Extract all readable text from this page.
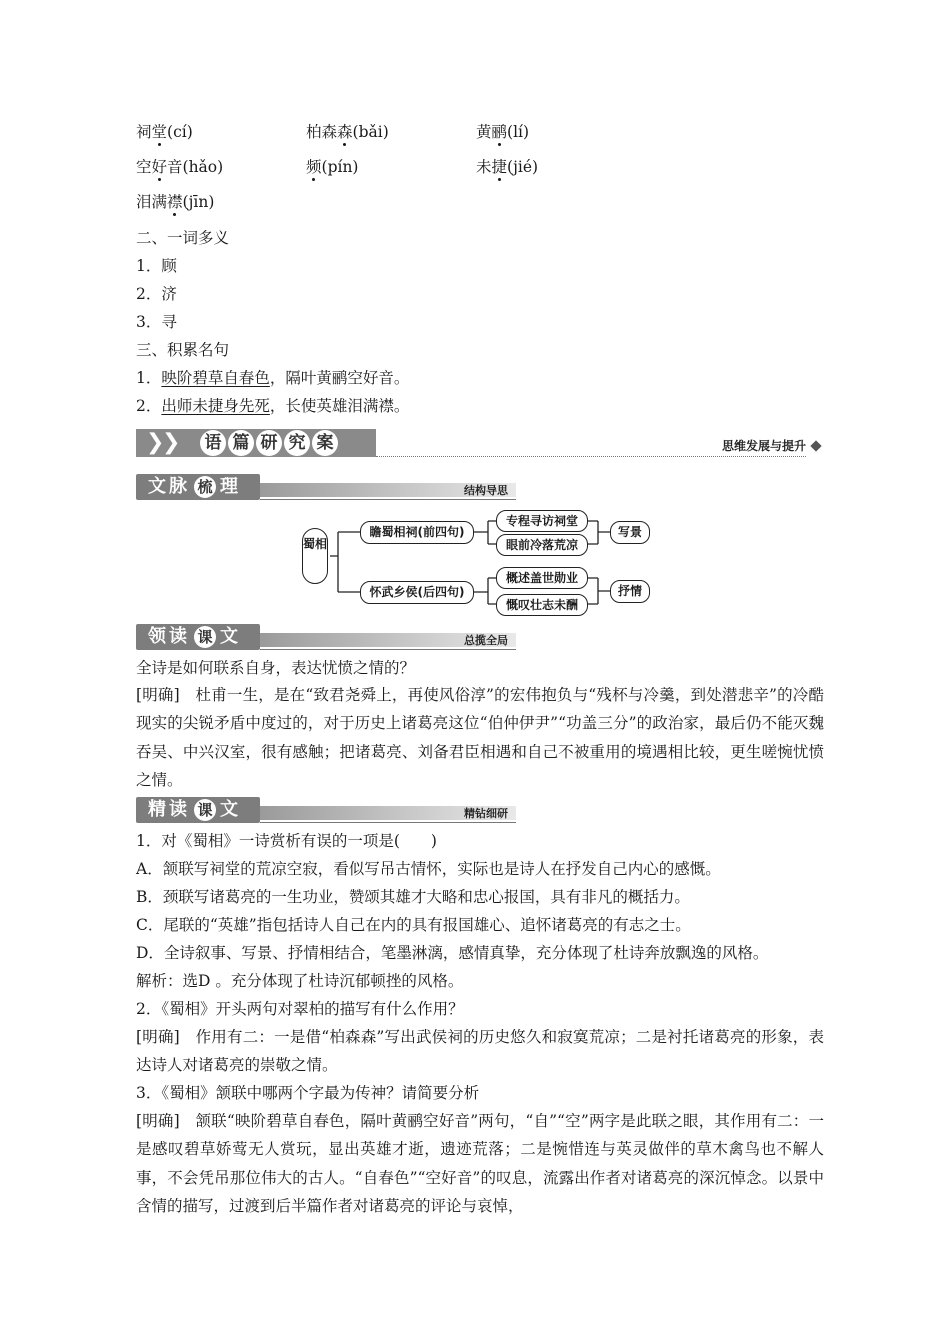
祠堂(cí)	柏森森(bǎi)	黄鹂(lí)
空好音(hǎo)	频(pín)	未捷(jié)
泪满襟(jīn)
二、一词多义
1．顾
2．济
3．寻
三、积累名句
1．映阶碧草自春色，隔叶黄鹂空好音。
2．出师未捷身先死，长使英雄泪满襟。
❯
❯ 语 篇 研 究 案	思维发展与提升
文脉 梳 理	结构导思
蜀相
瞻蜀相祠(前四句)
怀武乡侯(后四句)
专程寻访祠堂
眼前冷落荒凉
概述盖世勋业
慨叹壮志未酬
写景
抒情
领读 课 文	总揽全局
全诗是如何联系自身，表达忧愤之情的？
[明确]　杜甫一生，是在“致君尧舜上，再使风俗淳”的宏伟抱负与“残杯与冷羹，到处潜悲辛”的冷酷现实的尖锐矛盾中度过的，对于历史上诸葛亮这位“伯仲伊尹”“功盖三分”的政治家，最后仍不能灭魏吞吴、中兴汉室，很有感触；把诸葛亮、刘备君臣相遇和自己不被重用的境遇相比较，更生嗟惋忧愤之情。
精读 课 文	精钻细研
1．对《蜀相》一诗赏析有误的一项是(　　)
A．颔联写祠堂的荒凉空寂，看似写吊古情怀，实际也是诗人在抒发自己内心的感慨。
B．颈联写诸葛亮的一生功业，赞颂其雄才大略和忠心报国，具有非凡的概括力。
C．尾联的“英雄”指包括诗人自己在内的具有报国雄心、追怀诸葛亮的有志之士。
D．全诗叙事、写景、抒情相结合，笔墨淋漓，感情真挚，充分体现了杜诗奔放飘逸的风格。
解析：选D 。充分体现了杜诗沉郁顿挫的风格。
2．《蜀相》开头两句对翠柏的描写有什么作用？
[明确]　作用有二：一是借“柏森森”写出武侯祠的历史悠久和寂寞荒凉；二是衬托诸葛亮的形象，表达诗人对诸葛亮的崇敬之情。
3．《蜀相》颔联中哪两个字最为传神？请简要分析
[明确]　颔联“映阶碧草自春色，隔叶黄鹂空好音”两句，“自”“空”两字是此联之眼，其作用有二：一是感叹碧草娇莺无人赏玩，显出英雄才逝，遗迹荒落；二是惋惜连与英灵做伴的草木禽鸟也不解人事，不会凭吊那位伟大的古人。“自春色”“空好音”的叹息，流露出作者对诸葛亮的深沉悼念。以景中含情的描写，过渡到后半篇作者对诸葛亮的评论与哀悼，
